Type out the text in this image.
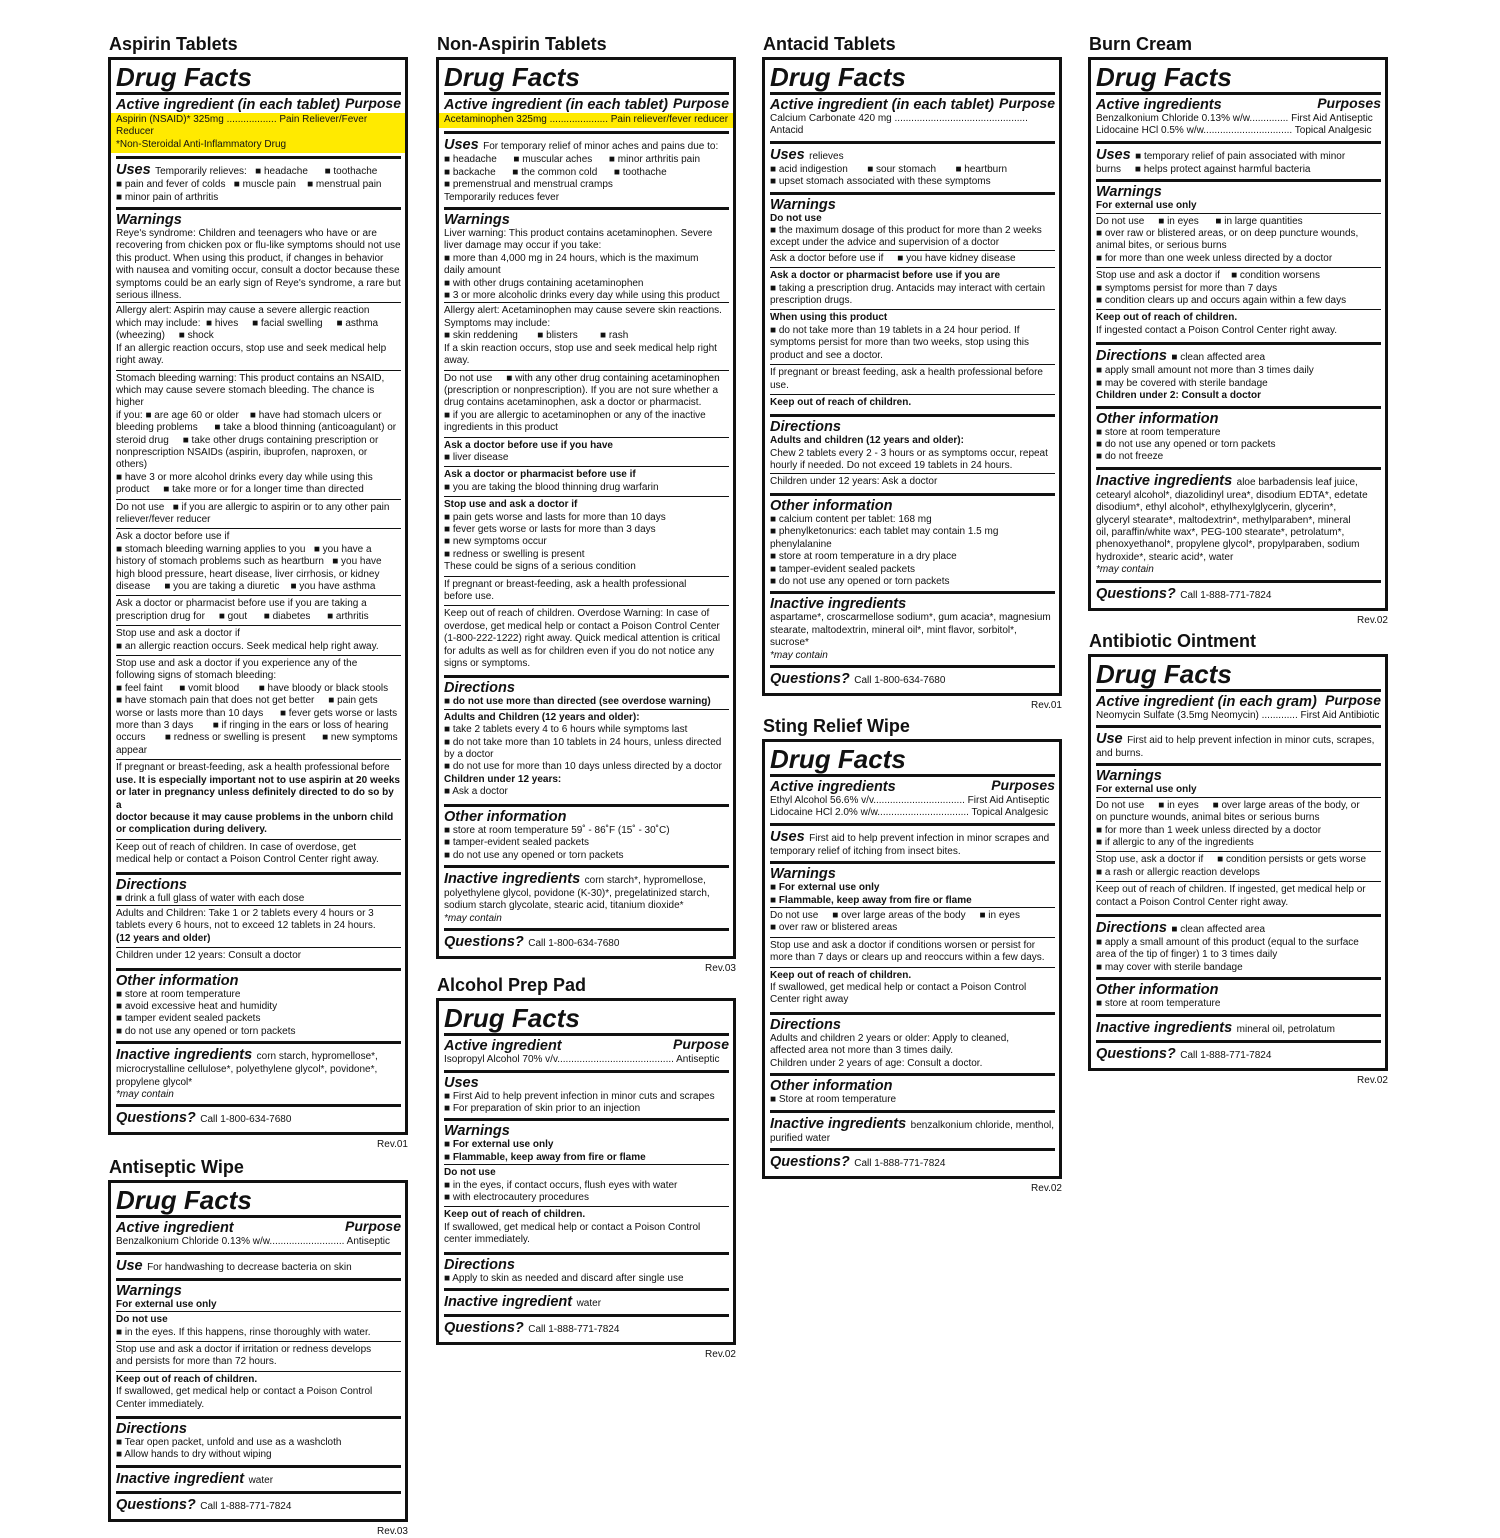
Aspirin Tablets
Drug Facts
Active ingredient (in each tablet) Purpose
Aspirin (NSAID)* 325mg .................. Pain Reliever/Fever Reducer
*Non-Steroidal Anti-Inflammatory Drug
Uses Temporarily relieves:   ■ headache      ■ toothache
■ pain and fever of colds   ■ muscle pain    ■ menstrual pain
■ minor pain of arthritis
Warnings
Reye's syndrome: Children and teenagers who have or are
recovering from chicken pox or flu-like symptoms should not use
this product. When using this product, if changes in behavior
with nausea and vomiting occur, consult a doctor because these
symptoms could be an early sign of Reye's syndrome, a rare but
serious illness.
Allergy alert: Aspirin may cause a severe allergic reaction
which may include:  ■ hives     ■ facial swelling     ■ asthma
(wheezing)     ■ shock
If an allergic reaction occurs, stop use and seek medical help
right away.
Stomach bleeding warning: This product contains an NSAID,
which may cause severe stomach bleeding. The chance is higher
if you: ■ are age 60 or older    ■ have had stomach ulcers or
bleeding problems      ■ take a blood thinning (anticoagulant) or
steroid drug     ■ take other drugs containing prescription or
nonprescription NSAIDs (aspirin, ibuprofen, naproxen, or others)
■ have 3 or more alcohol drinks every day while using this
product     ■ take more or for a longer time than directed
Do not use   ■ if you are allergic to aspirin or to any other pain
reliever/fever reducer
Ask a doctor before use if
■ stomach bleeding warning applies to you   ■ you have a
history of stomach problems such as heartburn   ■ you have
high blood pressure, heart disease, liver cirrhosis, or kidney
disease     ■ you are taking a diuretic    ■ you have asthma
Ask a doctor or pharmacist before use if you are taking a
prescription drug for     ■ gout      ■ diabetes      ■ arthritis
Stop use and ask a doctor if
■ an allergic reaction occurs. Seek medical help right away.
Stop use and ask a doctor if you experience any of the
following signs of stomach bleeding:
■ feel faint      ■ vomit blood       ■ have bloody or black stools
■ have stomach pain that does not get better     ■ pain gets
worse or lasts more than 10 days      ■ fever gets worse or lasts
more than 3 days       ■ if ringing in the ears or loss of hearing
occurs       ■ redness or swelling is present      ■ new symptoms
appear
If pregnant or breast-feeding, ask a health professional before
use. It is especially important not to use aspirin at 20 weeks
or later in pregnancy unless definitely directed to do so by a
doctor because it may cause problems in the unborn child
or complication during delivery.
Keep out of reach of children. In case of overdose, get
medical help or contact a Poison Control Center right away.
Directions
■ drink a full glass of water with each dose
Adults and Children: Take 1 or 2 tablets every 4 hours or 3
tablets every 6 hours, not to exceed 12 tablets in 24 hours.
(12 years and older)
Children under 12 years: Consult a doctor
Other information
■ store at room temperature
■ avoid excessive heat and humidity
■ tamper evident sealed packets
■ do not use any opened or torn packets
Inactive ingredients corn starch, hypromellose*,
microcrystalline cellulose*, polyethylene glycol*, povidone*,
propylene glycol*
*may contain
Questions? Call 1-800-634-7680
Rev.01
Antiseptic Wipe
Drug Facts
Active ingredient	Purpose
Benzalkonium Chloride 0.13% w/w........................... Antiseptic
Use For handwashing to decrease bacteria on skin
Warnings
For external use only
Do not use
■ in the eyes. If this happens, rinse thoroughly with water.
Stop use and ask a doctor if irritation or redness develops
and persists for more than 72 hours.
Keep out of reach of children.
If swallowed, get medical help or contact a Poison Control
Center immediately.
Directions
■ Tear open packet, unfold and use as a washcloth
■ Allow hands to dry without wiping
Inactive ingredient water
Questions? Call 1-888-771-7824
Rev.03
Non-Aspirin Tablets
Drug Facts
Active ingredient (in each tablet) Purpose
Acetaminophen 325mg ..................... Pain reliever/fever reducer
Uses For temporary relief of minor aches and pains due to:
■ headache      ■ muscular aches      ■ minor arthritis pain
■ backache      ■ the common cold      ■ toothache
■ premenstrual and menstrual cramps
Temporarily reduces fever
Warnings
Liver warning: This product contains acetaminophen. Severe
liver damage may occur if you take:
■ more than 4,000 mg in 24 hours, which is the maximum
daily amount
■ with other drugs containing acetaminophen
■ 3 or more alcoholic drinks every day while using this product
Allergy alert: Acetaminophen may cause severe skin reactions.
Symptoms may include:
■ skin reddening       ■ blisters        ■ rash
If a skin reaction occurs, stop use and seek medical help right
away.
Do not use     ■ with any other drug containing acetaminophen
(prescription or nonprescription). If you are not sure whether a
drug contains acetaminophen, ask a doctor or pharmacist.
■ if you are allergic to acetaminophen or any of the inactive
ingredients in this product
Ask a doctor before use if you have
■ liver disease
Ask a doctor or pharmacist before use if
■ you are taking the blood thinning drug warfarin
Stop use and ask a doctor if
■ pain gets worse and lasts for more than 10 days
■ fever gets worse or lasts for more than 3 days
■ new symptoms occur
■ redness or swelling is present
These could be signs of a serious condition
If pregnant or breast-feeding, ask a health professional
before use.
Keep out of reach of children. Overdose Warning: In case of
overdose, get medical help or contact a Poison Control Center
(1-800-222-1222) right away. Quick medical attention is critical
for adults as well as for children even if you do not notice any
signs or symptoms.
Directions
■ do not use more than directed (see overdose warning)
Adults and Children (12 years and older):
■ take 2 tablets every 4 to 6 hours while symptoms last
■ do not take more than 10 tablets in 24 hours, unless directed
by a doctor
■ do not use for more than 10 days unless directed by a doctor
Children under 12 years:
■ Ask a doctor
Other information
■ store at room temperature 59˚ - 86˚F (15˚ - 30˚C)
■ tamper-evident sealed packets
■ do not use any opened or torn packets
Inactive ingredients corn starch*, hypromellose,
polyethylene glycol, povidone (K-30)*, pregelatinized starch,
sodium starch glycolate, stearic acid, titanium dioxide*
*may contain
Questions? Call 1-800-634-7680
Rev.03
Alcohol Prep Pad
Drug Facts
Active ingredient	Purpose
Isopropyl Alcohol 70% v/v.......................................... Antiseptic
Uses
■ First Aid to help prevent infection in minor cuts and scrapes
■ For preparation of skin prior to an injection
Warnings
■ For external use only
■ Flammable, keep away from fire or flame
Do not use
■ in the eyes, if contact occurs, flush eyes with water
■ with electrocautery procedures
Keep out of reach of children.
If swallowed, get medical help or contact a Poison Control
center immediately.
Directions
■ Apply to skin as needed and discard after single use
Inactive ingredient water
Questions? Call 1-888-771-7824
Rev.02
Antacid Tablets
Drug Facts
Active ingredient (in each tablet) Purpose
Calcium Carbonate 420 mg ................................................ Antacid
Uses relieves
■ acid indigestion       ■ sour stomach       ■ heartburn
■ upset stomach associated with these symptoms
Warnings
Do not use
■ the maximum dosage of this product for more than 2 weeks
except under the advice and supervision of a doctor
Ask a doctor before use if     ■ you have kidney disease
Ask a doctor or pharmacist before use if you are
■ taking a prescription drug. Antacids may interact with certain
prescription drugs.
When using this product
■ do not take more than 19 tablets in a 24 hour period. If
symptoms persist for more than two weeks, stop using this
product and see a doctor.
If pregnant or breast feeding, ask a health professional before
use.
Keep out of reach of children.
Directions
Adults and children (12 years and older):
Chew 2 tablets every 2 - 3 hours or as symptoms occur, repeat
hourly if needed. Do not exceed 19 tablets in 24 hours.
Children under 12 years: Ask a doctor
Other information
■ calcium content per tablet: 168 mg
■ phenylketonurics: each tablet may contain 1.5 mg phenylalanine
■ store at room temperature in a dry place
■ tamper-evident sealed packets
■ do not use any opened or torn packets
Inactive ingredients
aspartame*, croscarmellose sodium*, gum acacia*, magnesium
stearate, maltodextrin, mineral oil*, mint flavor, sorbitol*, sucrose*
*may contain
Questions? Call 1-800-634-7680
Rev.01
Sting Relief Wipe
Drug Facts
Active ingredients	Purposes
Ethyl Alcohol 56.6% v/v................................. First Aid Antiseptic
Lidocaine HCl 2.0% w/w................................. Topical Analgesic
Uses First aid to help prevent infection in minor scrapes and
temporary relief of itching from insect bites.
Warnings
■ For external use only
■ Flammable, keep away from fire or flame
Do not use     ■ over large areas of the body     ■ in eyes
■ over raw or blistered areas
Stop use and ask a doctor if conditions worsen or persist for
more than 7 days or clears up and reoccurs within a few days.
Keep out of reach of children.
If swallowed, get medical help or contact a Poison Control
Center right away
Directions
Adults and children 2 years or older: Apply to cleaned,
affected area not more than 3 times daily.
Children under 2 years of age: Consult a doctor.
Other information
■ Store at room temperature
Inactive ingredients benzalkonium chloride, menthol,
purified water
Questions? Call 1-888-771-7824
Rev.02
Burn Cream
Drug Facts
Active ingredients	Purposes
Benzalkonium Chloride 0.13% w/w.............. First Aid Antiseptic
Lidocaine HCl 0.5% w/w................................ Topical Analgesic
Uses ■ temporary relief of pain associated with minor
burns     ■ helps protect against harmful bacteria
Warnings
For external use only
Do not use     ■ in eyes      ■ in large quantities
■ over raw or blistered areas, or on deep puncture wounds,
animal bites, or serious burns
■ for more than one week unless directed by a doctor
Stop use and ask a doctor if    ■ condition worsens
■ symptoms persist for more than 7 days
■ condition clears up and occurs again within a few days
Keep out of reach of children.
If ingested contact a Poison Control Center right away.
Directions ■ clean affected area
■ apply small amount not more than 3 times daily
■ may be covered with sterile bandage
Children under 2: Consult a doctor
Other information
■ store at room temperature
■ do not use any opened or torn packets
■ do not freeze
Inactive ingredients aloe barbadensis leaf juice,
cetearyl alcohol*, diazolidinyl urea*, disodium EDTA*, edetate
disodium*, ethyl alcohol*, ethylhexylglycerin, glycerin*,
glyceryl stearate*, maltodextrin*, methylparaben*, mineral
oil, paraffin/white wax*, PEG-100 stearate*, petrolatum*,
phenoxyethanol*, propylene glycol*, propylparaben, sodium
hydroxide*, stearic acid*, water
*may contain
Questions? Call 1-888-771-7824
Rev.02
Antibiotic Ointment
Drug Facts
Active ingredient (in each gram) Purpose
Neomycin Sulfate (3.5mg Neomycin) ............. First Aid Antibiotic
Use First aid to help prevent infection in minor cuts, scrapes,
and burns.
Warnings
For external use only
Do not use     ■ in eyes     ■ over large areas of the body, or
on puncture wounds, animal bites or serious burns
■ for more than 1 week unless directed by a doctor
■ if allergic to any of the ingredients
Stop use, ask a doctor if     ■ condition persists or gets worse
■ a rash or allergic reaction develops
Keep out of reach of children. If ingested, get medical help or
contact a Poison Control Center right away.
Directions ■ clean affected area
■ apply a small amount of this product (equal to the surface
area of the tip of finger) 1 to 3 times daily
■ may cover with sterile bandage
Other information
■ store at room temperature
Inactive ingredients mineral oil, petrolatum
Questions? Call 1-888-771-7824
Rev.02
